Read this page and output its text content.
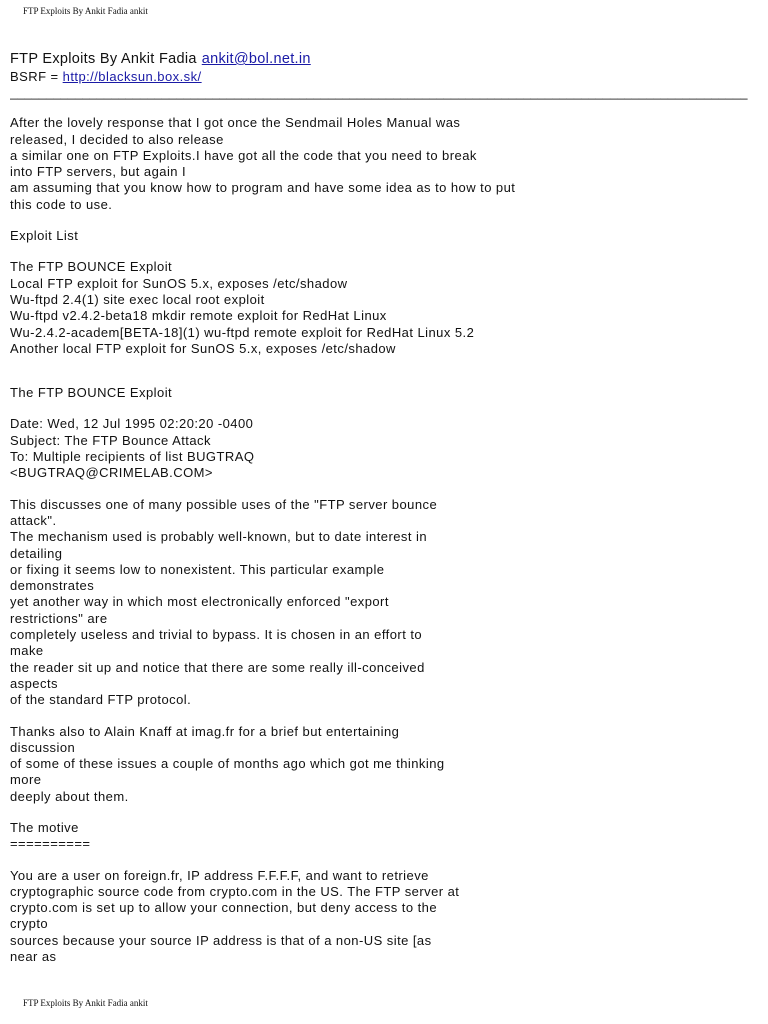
FTP Exploits By Ankit Fadia ankit
FTP Exploits By Ankit Fadia ankit@bol.net.in
BSRF = http://blacksun.box.sk/
______________________________________________________________________________________________________
After the lovely response that I got once the Sendmail Holes Manual was
released, I decided to also release
a similar one on FTP Exploits.I have got all the code that you need to break
into FTP servers, but again I
am assuming that you know how to program and have some idea as to how to put
this code to use.
Exploit List
The FTP BOUNCE Exploit
Local FTP exploit for SunOS 5.x, exposes /etc/shadow
Wu-ftpd 2.4(1) site exec local root exploit
Wu-ftpd v2.4.2-beta18 mkdir remote exploit for RedHat Linux
Wu-2.4.2-academ[BETA-18](1) wu-ftpd remote exploit for RedHat Linux 5.2
Another local FTP exploit for SunOS 5.x, exposes /etc/shadow
The FTP BOUNCE Exploit
Date: Wed, 12 Jul 1995 02:20:20 -0400
Subject: The FTP Bounce Attack
To: Multiple recipients of list BUGTRAQ
<BUGTRAQ@CRIMELAB.COM>
This discusses one of many possible uses of the "FTP server bounce
attack".
The mechanism used is probably well-known, but to date interest in
detailing
or fixing it seems low to nonexistent. This particular example
demonstrates
yet another way in which most electronically enforced "export
restrictions" are
completely useless and trivial to bypass. It is chosen in an effort to
make
the reader sit up and notice that there are some really ill-conceived
aspects
of the standard FTP protocol.
Thanks also to Alain Knaff at imag.fr for a brief but entertaining
discussion
of some of these issues a couple of months ago which got me thinking
more
deeply about them.
The motive
==========
You are a user on foreign.fr, IP address F.F.F.F, and want to retrieve
cryptographic source code from crypto.com in the US. The FTP server at
crypto.com is set up to allow your connection, but deny access to the
crypto
sources because your source IP address is that of a non-US site [as
near as
FTP Exploits By Ankit Fadia ankit
